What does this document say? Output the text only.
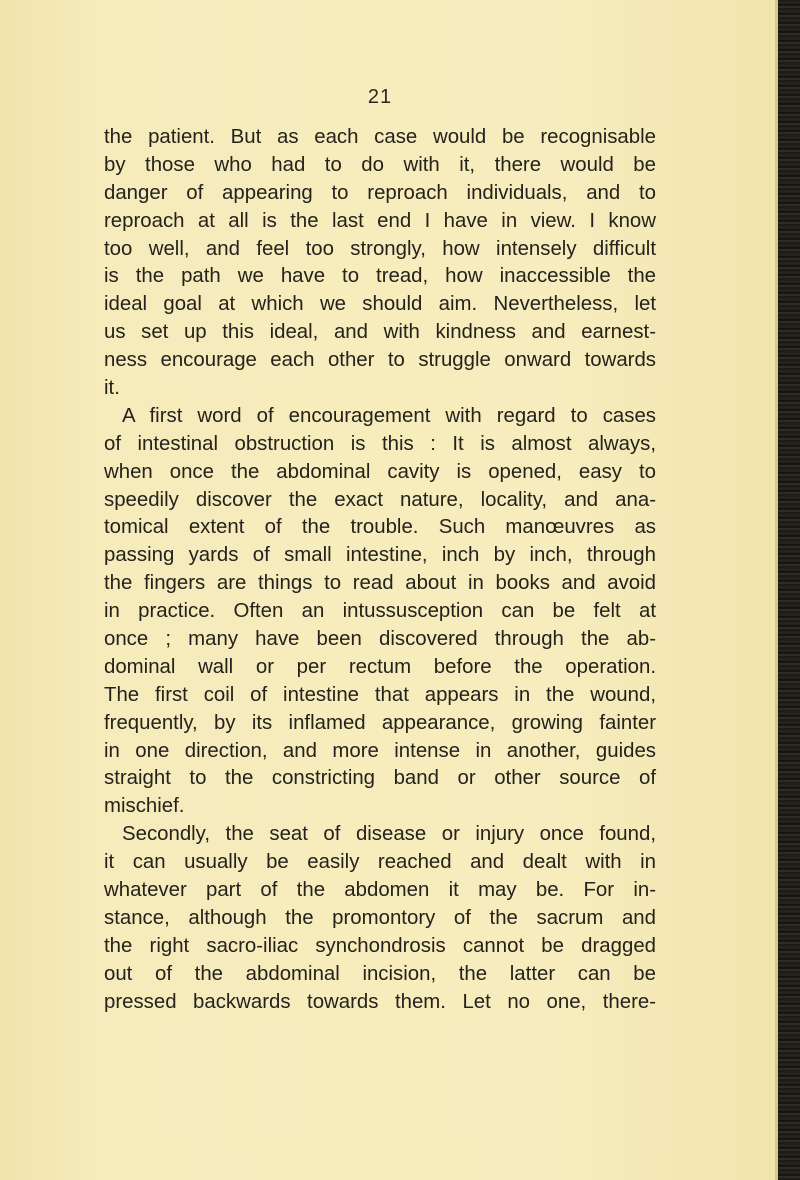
21
the patient. But as each case would be recognisable
by those who had to do with it, there would be
danger of appearing to reproach individuals, and to
reproach at all is the last end I have in view. I know
too well, and feel too strongly, how intensely difficult
is the path we have to tread, how inaccessible the
ideal goal at which we should aim. Nevertheless, let
us set up this ideal, and with kindness and earnest-
ness encourage each other to struggle onward towards
it.
A first word of encouragement with regard to cases
of intestinal obstruction is this : It is almost always,
when once the abdominal cavity is opened, easy to
speedily discover the exact nature, locality, and ana-
tomical extent of the trouble. Such manœuvres as
passing yards of small intestine, inch by inch, through
the fingers are things to read about in books and avoid
in practice. Often an intussusception can be felt at
once ; many have been discovered through the ab-
dominal wall or per rectum before the operation.
The first coil of intestine that appears in the wound,
frequently, by its inflamed appearance, growing fainter
in one direction, and more intense in another, guides
straight to the constricting band or other source of
mischief.
Secondly, the seat of disease or injury once found,
it can usually be easily reached and dealt with in
whatever part of the abdomen it may be. For in-
stance, although the promontory of the sacrum and
the right sacro-iliac synchondrosis cannot be dragged
out of the abdominal incision, the latter can be
pressed backwards towards them. Let no one, there-
